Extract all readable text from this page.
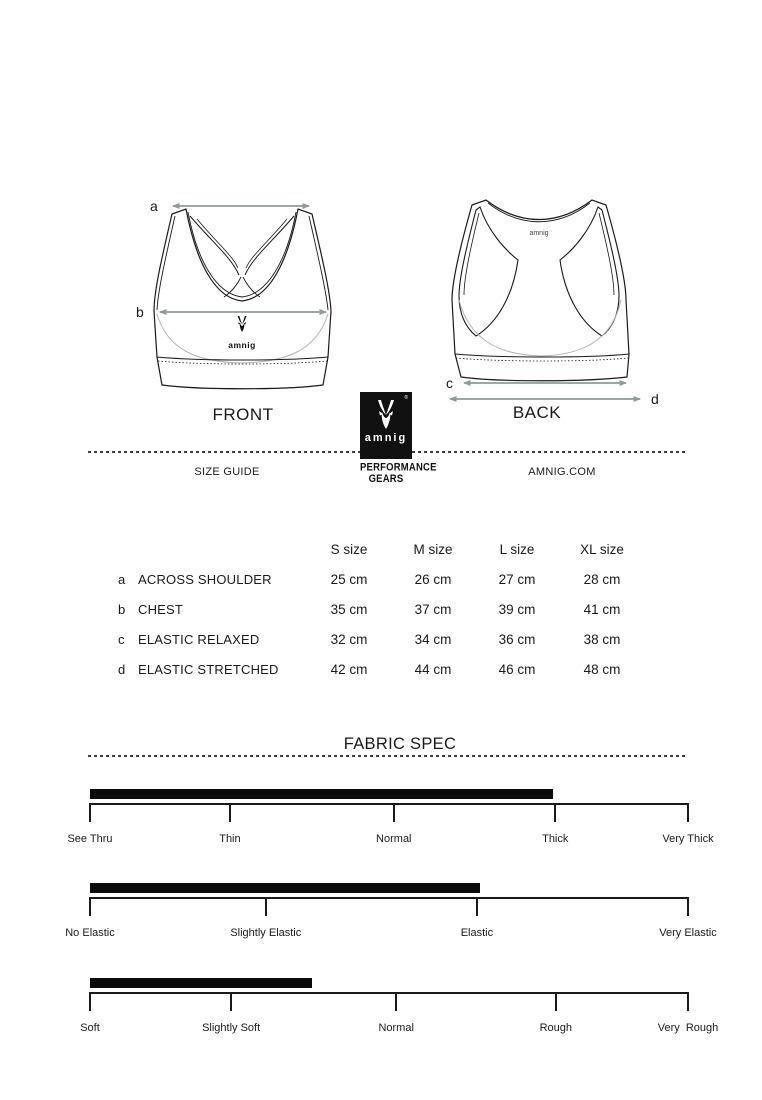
amnig
amnig
a
b
c
d
FRONT	BACK
®
amnig
PERFORMANCE
GEARS
SIZE GUIDE	AMNIG.COM
S size	M size	L size	XL size
a ACROSS SHOULDER	25 cm	26 cm	27 cm	28 cm
b CHEST	35 cm	37 cm	39 cm	41 cm
c	ELASTIC RELAXED	32 cm	34 cm	36 cm	38 cm
d ELASTIC STRETCHED	42 cm	44 cm	46 cm	48 cm
FABRIC SPEC
See Thru	Thin	Normal	Thick	Very Thick
No Elastic	Slightly Elastic	Elastic	Very Elastic
Soft	Slightly Soft	Normal	Rough	Very  Rough
